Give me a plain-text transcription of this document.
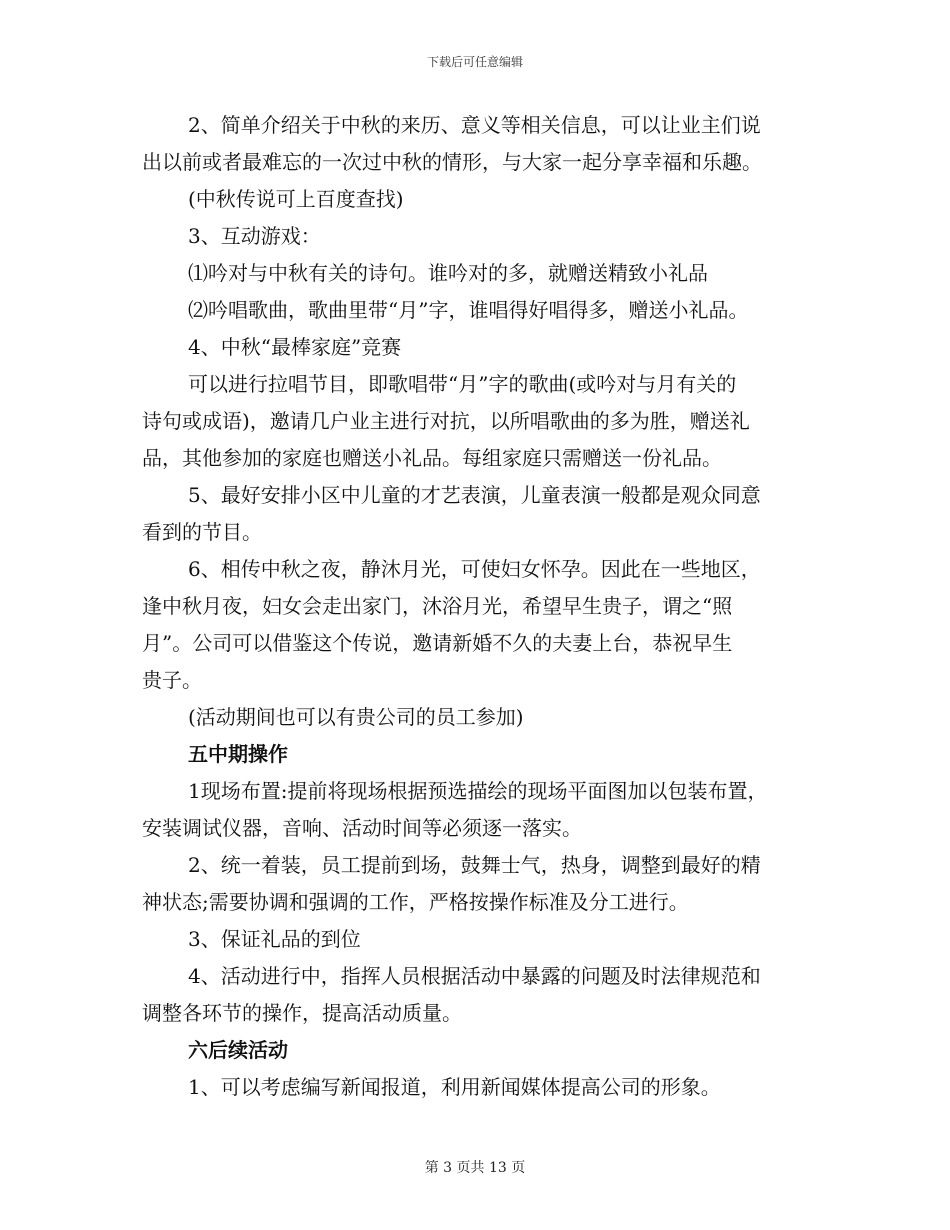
下载后可任意编辑
2、简单介绍关于中秋的来历、意义等相关信息，可以让业主们说
出以前或者最难忘的一次过中秋的情形，与大家一起分享幸福和乐趣。
(中秋传说可上百度查找)
3、互动游戏：
⑴吟对与中秋有关的诗句。谁吟对的多，就赠送精致小礼品
⑵吟唱歌曲，歌曲里带“月”字，谁唱得好唱得多，赠送小礼品。
4、中秋“最棒家庭”竞赛
可以进行拉唱节目，即歌唱带“月”字的歌曲(或吟对与月有关的
诗句或成语)，邀请几户业主进行对抗，以所唱歌曲的多为胜，赠送礼
品，其他参加的家庭也赠送小礼品。每组家庭只需赠送一份礼品。
5、最好安排小区中儿童的才艺表演，儿童表演一般都是观众同意
看到的节目。
6、相传中秋之夜，静沐月光，可使妇女怀孕。因此在一些地区，
逢中秋月夜，妇女会走出家门，沐浴月光，希望早生贵子，谓之“照
月”。公司可以借鉴这个传说，邀请新婚不久的夫妻上台，恭祝早生
贵子。
(活动期间也可以有贵公司的员工参加)
五中期操作
1现场布置:提前将现场根据预选描绘的现场平面图加以包装布置，
安装调试仪器，音响、活动时间等必须逐一落实。
2、统一着装，员工提前到场，鼓舞士气，热身，调整到最好的精
神状态;需要协调和强调的工作，严格按操作标准及分工进行。
3、保证礼品的到位
4、活动进行中，指挥人员根据活动中暴露的问题及时法律规范和
调整各环节的操作，提高活动质量。
六后续活动
1、可以考虑编写新闻报道，利用新闻媒体提高公司的形象。
第 3 页共 13 页
